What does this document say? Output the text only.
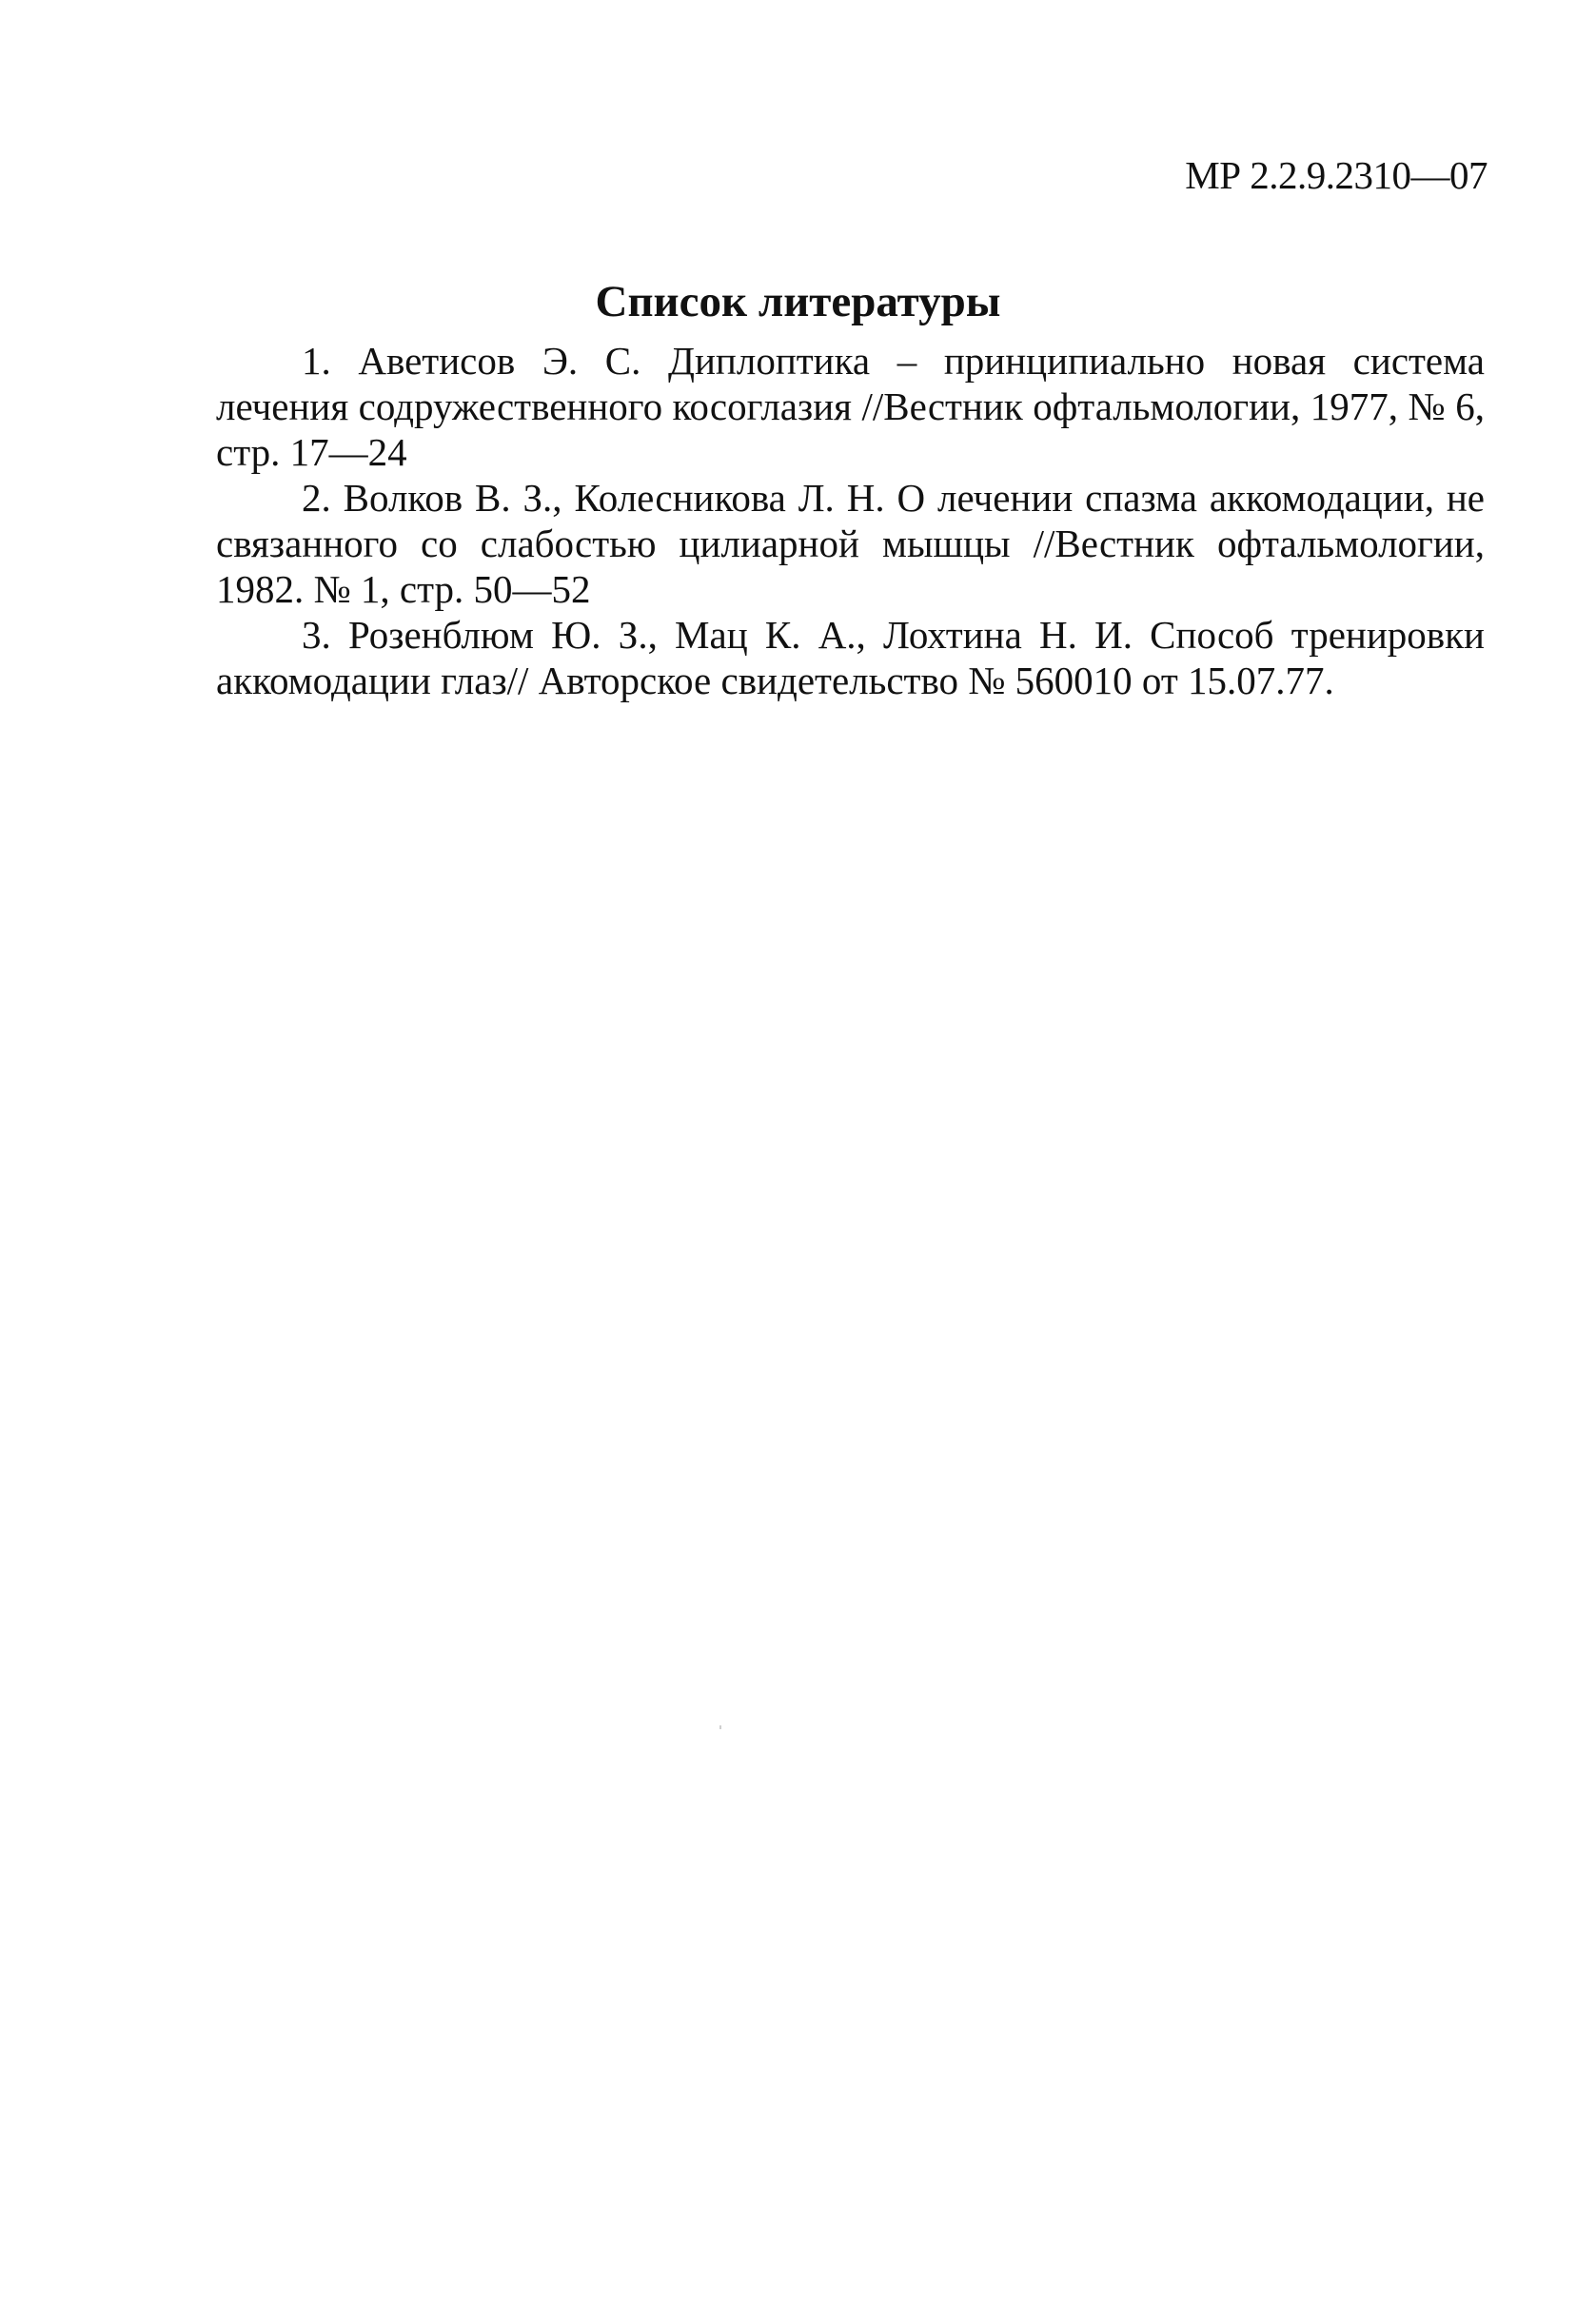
МР 2.2.9.2310—07
Список литературы
1. Аветисов Э. С. Диплоптика – принципиально новая система лечения содружественного косоглазия //Вестник офтальмологии, 1977, № 6, стр. 17—24
2. Волков В. З., Колесникова Л. Н. О лечении спазма аккомодации, не связанного со слабостью цилиарной мышцы //Вестник офтальмологии, 1982. № 1, стр. 50—52
3. Розенблюм Ю. З., Мац К. А., Лохтина Н. И. Способ тренировки аккомодации глаз// Авторское свидетельство № 560010 от 15.07.77.
